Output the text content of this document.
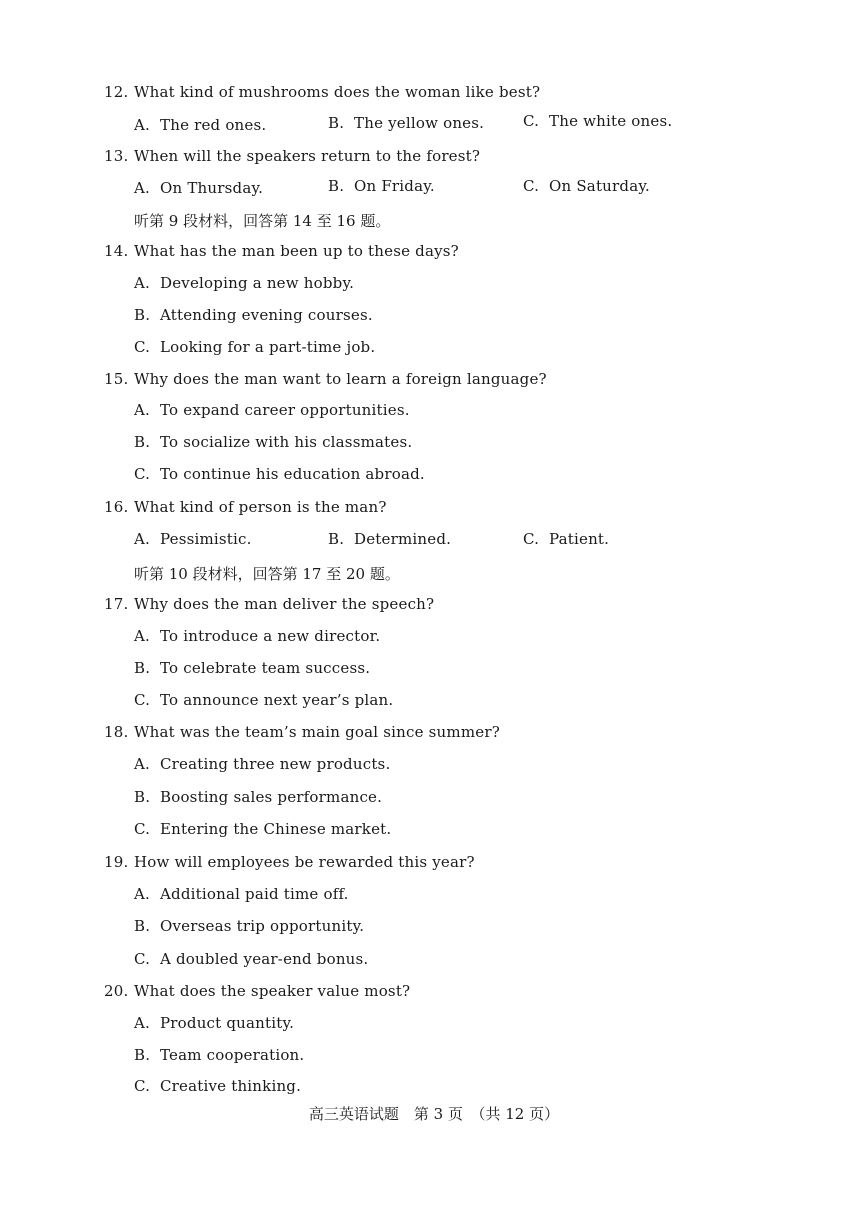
12. What kind of mushrooms does the woman like best?
A. The red ones.	B. The yellow ones.	C. The white ones.
13. When will the speakers return to the forest?
A. On Thursday.	B. On Friday.	C. On Saturday.
听第 9 段材料，回答第 14 至 16 题。
14. What has the man been up to these days?
A. Developing a new hobby.
B. Attending evening courses.
C. Looking for a part-time job.
15. Why does the man want to learn a foreign language?
A. To expand career opportunities.
B. To socialize with his classmates.
C. To continue his education abroad.
16. What kind of person is the man?
A. Pessimistic.	B. Determined.	C. Patient.
听第 10 段材料，回答第 17 至 20 题。
17. Why does the man deliver the speech?
A. To introduce a new director.
B. To celebrate team success.
C. To announce next year’s plan.
18. What was the team’s main goal since summer?
A. Creating three new products.
B. Boosting sales performance.
C. Entering the Chinese market.
19. How will employees be rewarded this year?
A. Additional paid time off.
B. Overseas trip opportunity.
C. A doubled year-end bonus.
20. What does the speaker value most?
A. Product quantity.
B. Team cooperation.
C. Creative thinking.
高三英语试题　第 3 页　（共 12 页）
